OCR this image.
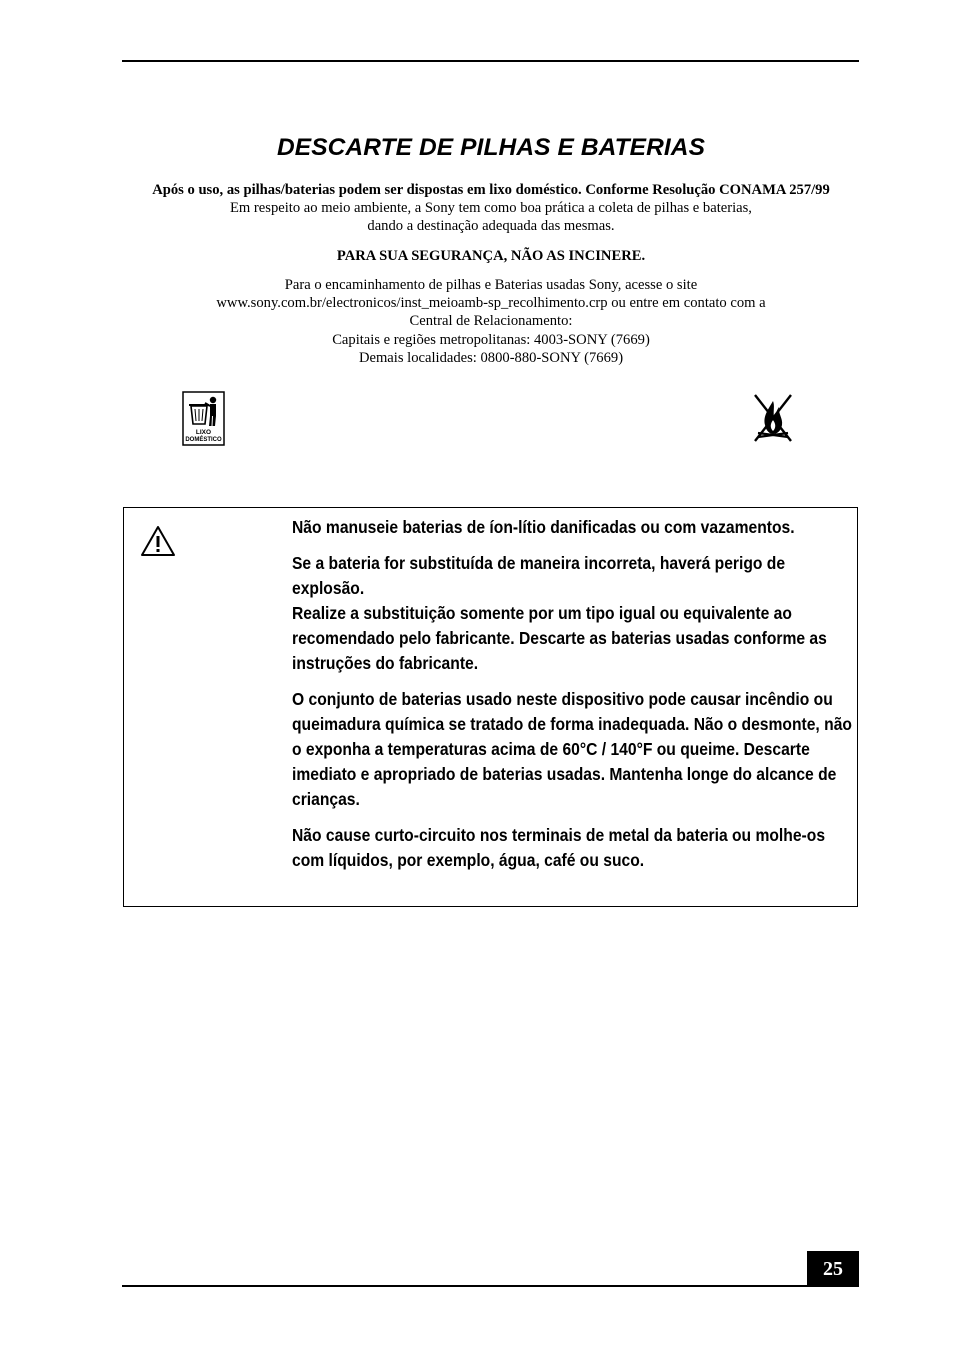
DESCARTE DE PILHAS E BATERIAS
Após o uso, as pilhas/baterias podem ser dispostas em lixo doméstico. Conforme Resolução CONAMA 257/99
Em respeito ao meio ambiente, a Sony tem como boa prática a coleta de pilhas e baterias,
dando a destinação adequada das mesmas.
PARA SUA SEGURANÇA, NÃO AS INCINERE.
Para o encaminhamento de pilhas e Baterias usadas Sony, acesse o site
www.sony.com.br/electronicos/inst_meioamb-sp_recolhimento.crp ou entre em contato com a
Central de Relacionamento:
Capitais e regiões metropolitanas: 4003-SONY (7669)
Demais localidades: 0800-880-SONY (7669)
LIXO
DOMÉSTICO

Não manuseie baterias de íon-lítio danificadas ou com vazamentos.

Se a bateria for substituída de maneira incorreta, haverá perigo de explosão.
Realize a substituição somente por um tipo igual ou equivalente ao recomendado pelo fabricante. Descarte as baterias usadas conforme as instruções do fabricante.

O conjunto de baterias usado neste dispositivo pode causar incêndio ou queimadura química se tratado de forma inadequada. Não o desmonte, não o exponha a temperaturas acima de 60°C / 140°F ou queime. Descarte imediato e apropriado de baterias usadas. Mantenha longe do alcance de crianças.

Não cause curto-circuito nos terminais de metal da bateria ou molhe-os com líquidos, por exemplo, água, café ou suco.

25
